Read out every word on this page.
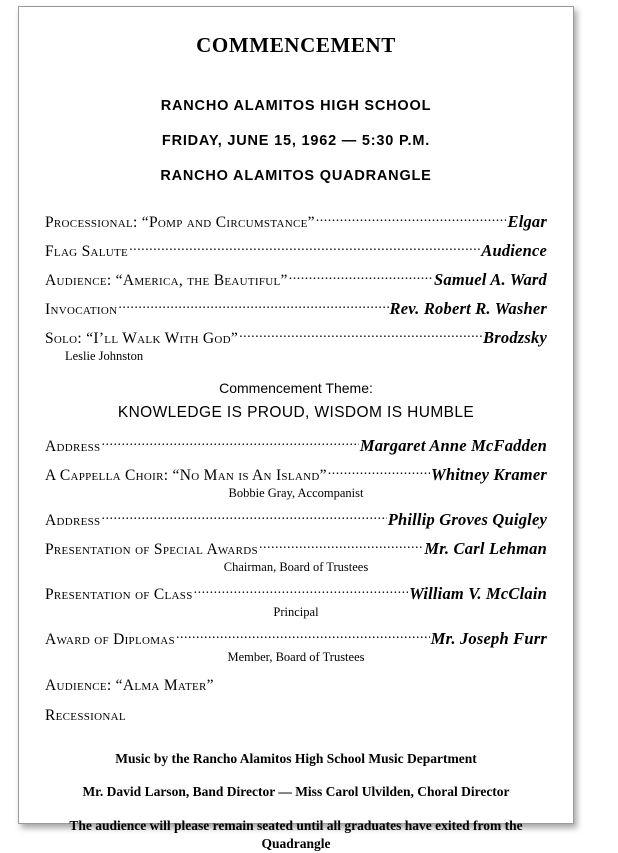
COMMENCEMENT
RANCHO ALAMITOS HIGH SCHOOL
FRIDAY, JUNE 15, 1962 — 5:30 P.M.
RANCHO ALAMITOS QUADRANGLE
Processional: “Pomp and Circumstance” .....	Elgar
Flag Salute .....	Audience
Audience: “America, the Beautiful” .....	Samuel A. Ward
Invocation .....	Rev. Robert R. Washer
Solo: “I’ll Walk With God” .....	Brodzsky
Leslie Johnston
Commencement Theme:
KNOWLEDGE IS PROUD, WISDOM IS HUMBLE
Address .....	Margaret Anne McFadden
A Cappella Choir: “No Man is An Island” .....	Whitney Kramer
Bobbie Gray, Accompanist
Address .....	Phillip Groves Quigley
Presentation of Special Awards .....	Mr. Carl Lehman
Chairman, Board of Trustees
Presentation of Class .....	William V. McClain
Principal
Award of Diplomas .....	Mr. Joseph Furr
Member, Board of Trustees
Audience: “Alma Mater”
Recessional
Music by the Rancho Alamitos High School Music Department
Mr. David Larson, Band Director — Miss Carol Ulvilden, Choral Director
The audience will please remain seated until all graduates have exited from the Quadrangle
